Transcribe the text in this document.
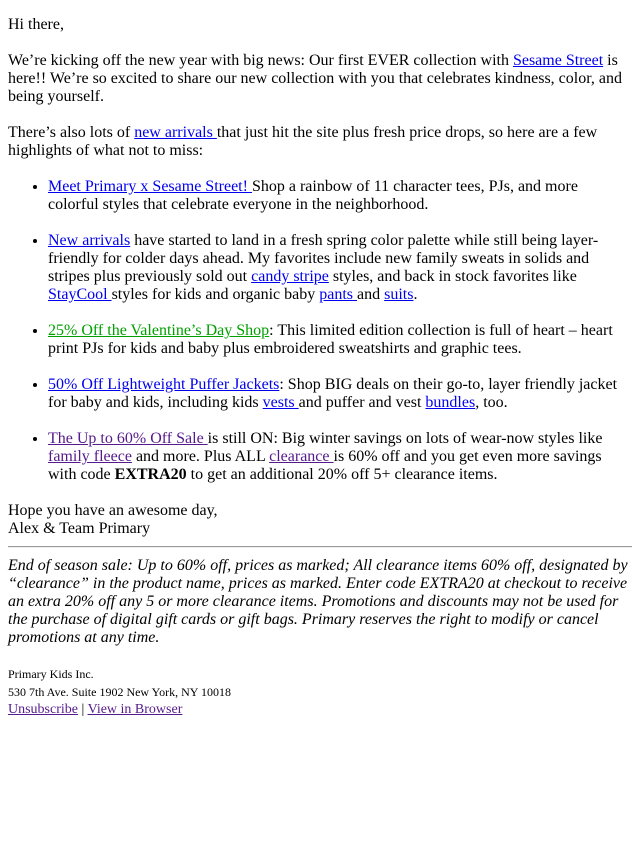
Hi there,

We’re kicking off the new year with big news: Our first EVER collection with Sesame Street is here!! We’re so excited to share our new collection with you that celebrates kindness, color, and being yourself.

There’s also lots of new arrivals that just hit the site plus fresh price drops, so here are a few highlights of what not to miss:

• Meet Primary x Sesame Street! Shop a rainbow of 11 character tees, PJs, and more colorful styles that celebrate everyone in the neighborhood.
• New arrivals have started to land in a fresh spring color palette while still being layer-friendly for colder days ahead. My favorites include new family sweats in solids and stripes plus previously sold out candy stripe styles, and back in stock favorites like StayCool styles for kids and organic baby pants and suits.
• 25% Off the Valentine’s Day Shop: This limited edition collection is full of heart – heart print PJs for kids and baby plus embroidered sweatshirts and graphic tees.
• 50% Off Lightweight Puffer Jackets: Shop BIG deals on their go-to, layer friendly jacket for baby and kids, including kids vests and puffer and vest bundles, too.
• The Up to 60% Off Sale is still ON: Big winter savings on lots of wear-now styles like family fleece and more. Plus ALL clearance is 60% off and you get even more savings with code EXTRA20 to get an additional 20% off 5+ clearance items.
Hope you have an awesome day,
Alex & Team Primary

End of season sale: Up to 60% off, prices as marked; All clearance items 60% off, designated by “clearance” in the product name, prices as marked. Enter code EXTRA20 at checkout to receive an extra 20% off any 5 or more clearance items. Promotions and discounts may not be used for the purchase of digital gift cards or gift bags. Primary reserves the right to modify or cancel promotions at any time.

Primary Kids Inc.
530 7th Ave. Suite 1902 New York, NY 10018
Unsubscribe | View in Browser
